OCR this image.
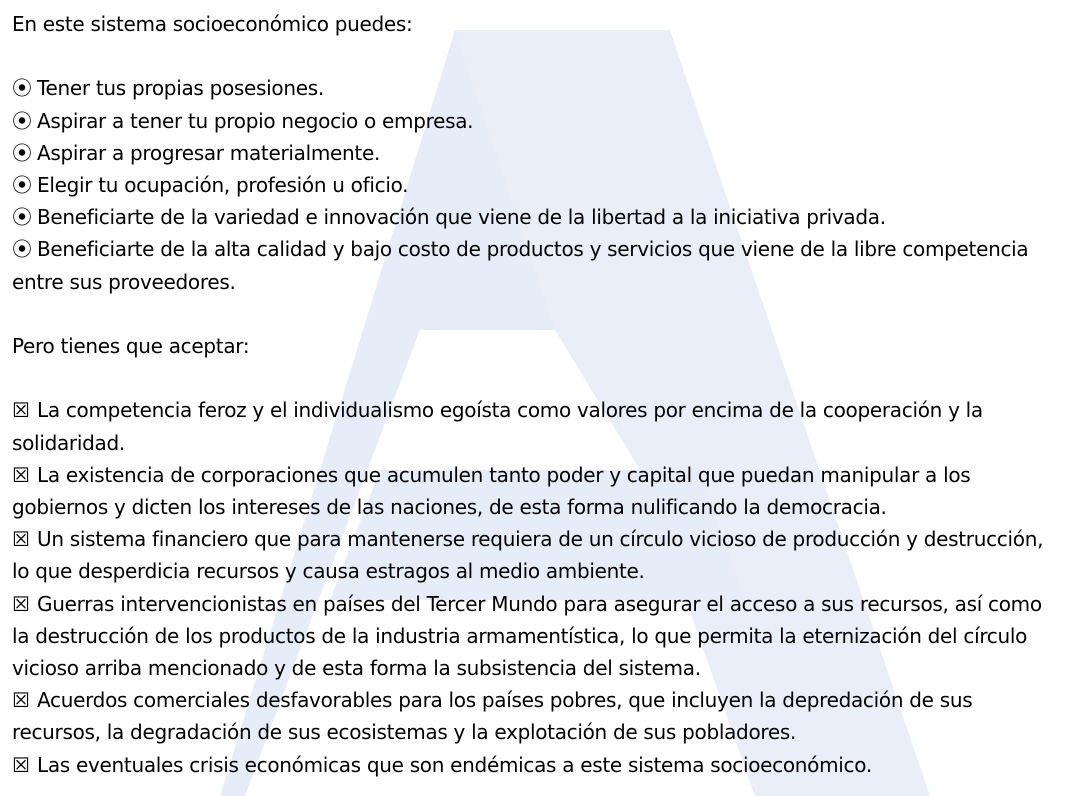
En este sistema socioeconómico puedes:

⦿ Tener tus propias posesiones.
⦿ Aspirar a tener tu propio negocio o empresa.
⦿ Aspirar a progresar materialmente.
⦿ Elegir tu ocupación, profesión u oficio.
⦿ Beneficiarte de la variedad e innovación que viene de la libertad a la iniciativa privada.
⦿ Beneficiarte de la alta calidad y bajo costo de productos y servicios que viene de la libre competencia entre sus proveedores.

Pero tienes que aceptar:

☒ La competencia feroz y el individualismo egoísta como valores por encima de la cooperación y la solidaridad.
☒ La existencia de corporaciones que acumulen tanto poder y capital que puedan manipular a los gobiernos y dicten los intereses de las naciones, de esta forma nulificando la democracia.
☒ Un sistema financiero que para mantenerse requiera de un círculo vicioso de producción y destrucción, lo que desperdicia recursos y causa estragos al medio ambiente.
☒ Guerras intervencionistas en países del Tercer Mundo para asegurar el acceso a sus recursos, así como la destrucción de los productos de la industria armamentística, lo que permita la eternización del círculo vicioso arriba mencionado y de esta forma la subsistencia del sistema.
☒ Acuerdos comerciales desfavorables para los países pobres, que incluyen la depredación de sus recursos, la degradación de sus ecosistemas y la explotación de sus pobladores.
☒ Las eventuales crisis económicas que son endémicas a este sistema socioeconómico.
